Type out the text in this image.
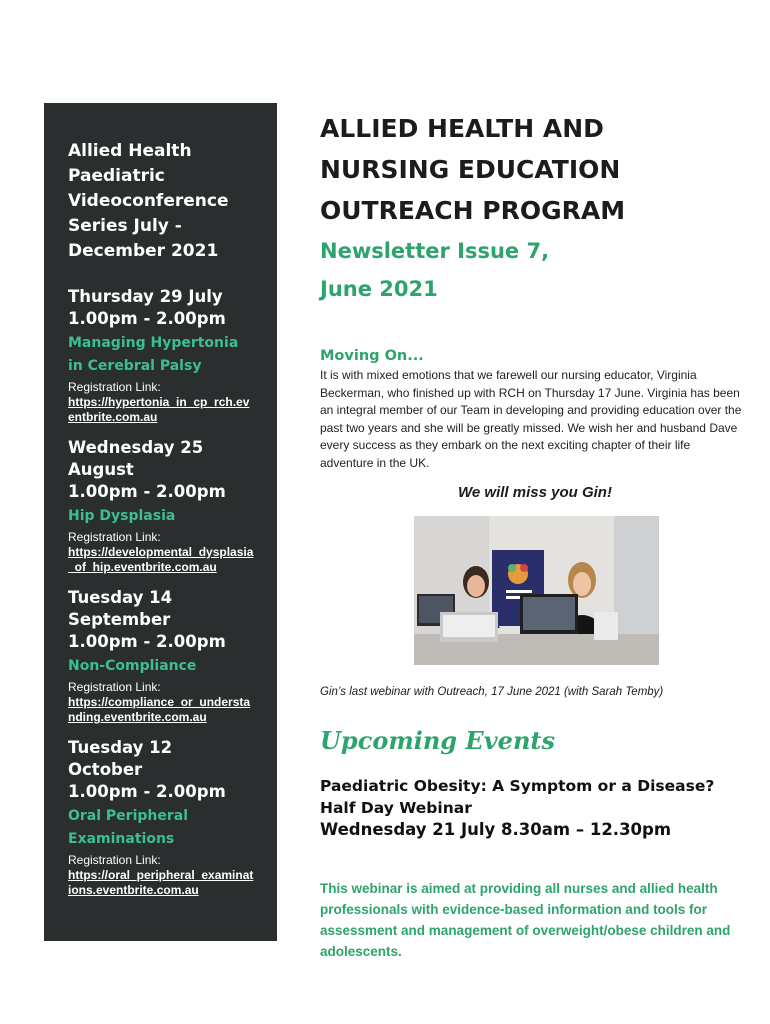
Allied Health
Paediatric
Videoconference
Series July -
December 2021
Thursday 29 July
1.00pm - 2.00pm
Managing Hypertonia
in Cerebral Palsy
Registration Link:
https://hypertonia_in_cp_rch.eventbrite.com.au
Wednesday 25
August
1.00pm - 2.00pm
Hip Dysplasia
Registration Link:
https://developmental_dysplasia_of_hip.eventbrite.com.au
Tuesday 14
September
1.00pm - 2.00pm
Non-Compliance
Registration Link:
https://compliance_or_understanding.eventbrite.com.au
Tuesday 12
October
1.00pm - 2.00pm
Oral Peripheral
Examinations
Registration Link:
https://oral_peripheral_examinations.eventbrite.com.au
ALLIED HEALTH AND
NURSING EDUCATION
OUTREACH PROGRAM
Newsletter Issue 7,
June 2021
Moving On...

It is with mixed emotions that we farewell our nursing educator, Virginia Beckerman, who finished up with RCH on Thursday 17 June. Virginia has been an integral member of our Team in developing and providing education over the past two years and she will be greatly missed. We wish her and husband Dave every success as they embark on the next exciting chapter of their life adventure in the UK.

We will miss you Gin!
Gin’s last webinar with Outreach, 17 June 2021 (with Sarah Temby)
Upcoming Events
Paediatric Obesity: A Symptom or a Disease?
Half Day Webinar
Wednesday 21 July 8.30am – 12.30pm

This webinar is aimed at providing all nurses and allied health professionals with evidence-based information and tools for assessment and management of overweight/obese children and adolescents.
